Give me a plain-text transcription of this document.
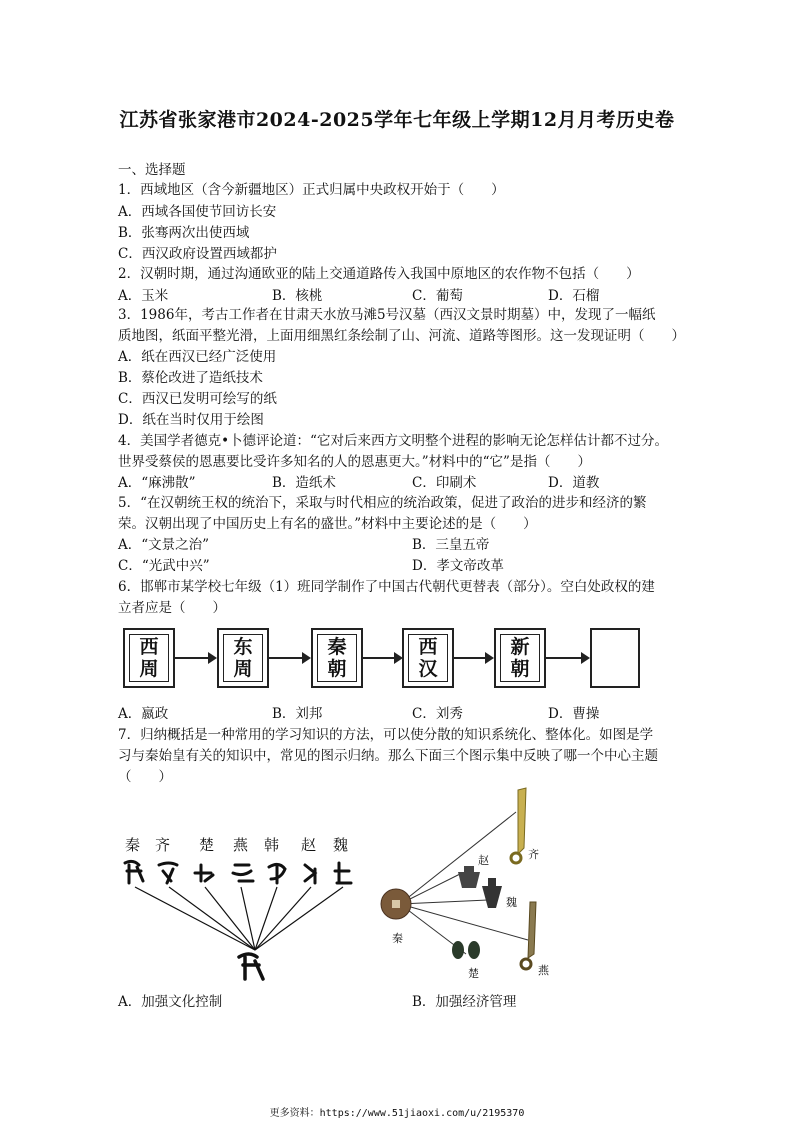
江苏省张家港市2024-2025学年七年级上学期12月月考历史卷
一、选择题
1．西域地区（含今新疆地区）正式归属中央政权开始于（　　）
A．西域各国使节回访长安
B．张骞两次出使西域
C．西汉政府设置西域都护
2．汉朝时期，通过沟通欧亚的陆上交通道路传入我国中原地区的农作物不包括（　　）
A．玉米	B．核桃	C．葡萄	D．石榴
3．1986年，考古工作者在甘肃天水放马滩5号汉墓（西汉文景时期墓）中，发现了一幅纸
质地图，纸面平整光滑，上面用细黑红条绘制了山、河流、道路等图形。这一发现证明（　　）
A．纸在西汉已经广泛使用
B．蔡伦改进了造纸技术
C．西汉已发明可绘写的纸
D．纸在当时仅用于绘图
4．美国学者德克•卜德评论道：“它对后来西方文明整个进程的影响无论怎样估计都不过分。
世界受蔡侯的恩惠要比受许多知名的人的恩惠更大。”材料中的“它”是指（　　）
A．“麻沸散”	B．造纸术	C．印刷术	D．道教
5．“在汉朝统王权的统治下，采取与时代相应的统治政策，促进了政治的进步和经济的繁
荣。汉朝出现了中国历史上有名的盛世。”材料中主要论述的是（　　）
A．“文景之治”	B．三皇五帝
C．“光武中兴”	D．孝文帝改革
6．邯郸市某学校七年级（1）班同学制作了中国古代朝代更替表（部分）。空白处政权的建
立者应是（　　）
西
周
东
周
秦
朝
西
汉
新
朝
A．嬴政	B．刘邦	C．刘秀	D．曹操
7．归纳概括是一种常用的学习知识的方法，可以使分散的知识系统化、整体化。如图是学
习与秦始皇有关的知识中，常见的图示归纳。那么下面三个图示集中反映了哪一个中心主题
（　　）
秦 齐 楚 燕 韩 赵 魏
齐
赵
魏
秦
楚	燕
A．加强文化控制	B．加强经济管理
更多资料：https://www.51jiaoxi.com/u/2195370
